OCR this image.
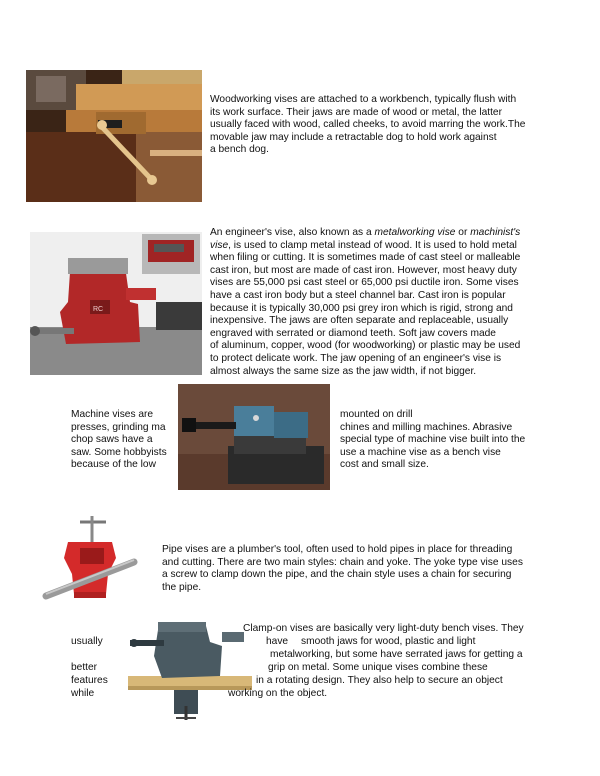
Woodworking vises are attached to a workbench, typically flush with
its work surface. Their jaws are made of wood or metal, the latter
usually faced with wood, called cheeks, to avoid marring the work.The
movable jaw may include a retractable dog to hold work against
a bench dog.
RC
An engineer's vise, also known as a metalworking vise or machinist's
vise, is used to clamp metal instead of wood. It is used to hold metal
when filing or cutting. It is sometimes made of cast steel or malleable
cast iron, but most are made of cast iron. However, most heavy duty
vises are 55,000 psi cast steel or 65,000 psi ductile iron. Some vises
have a cast iron body but a steel channel bar. Cast iron is popular
because it is typically 30,000 psi grey iron which is rigid, strong and
inexpensive. The jaws are often separate and replaceable, usually
engraved with serrated or diamond teeth. Soft jaw covers made
of aluminum, copper, wood (for woodworking) or plastic may be used
to protect delicate work. The jaw opening of an engineer's vise is
almost always the same size as the jaw width, if not bigger.
Machine vises are
presses, grinding ma
chop saws have a
saw. Some hobbyists
because of the low
mounted on drill
chines and milling machines. Abrasive
special type of machine vise built into the
use a machine vise as a bench vise
cost and small size.
Pipe vises are a plumber's tool, often used to hold pipes in place for threading
and cutting. There are two main styles: chain and yoke. The yoke type vise uses
a screw to clamp down the pipe, and the chain style uses a chain for securing
the pipe.
Clamp-on vises are basically very light-duty bench vises. They
usually	have smooth jaws for wood, plastic and light
metalworking, but some have serrated jaws for getting a
better	grip on metal. Some unique vises combine these
features	in a rotating design. They also help to secure an object
while	working on the object.
